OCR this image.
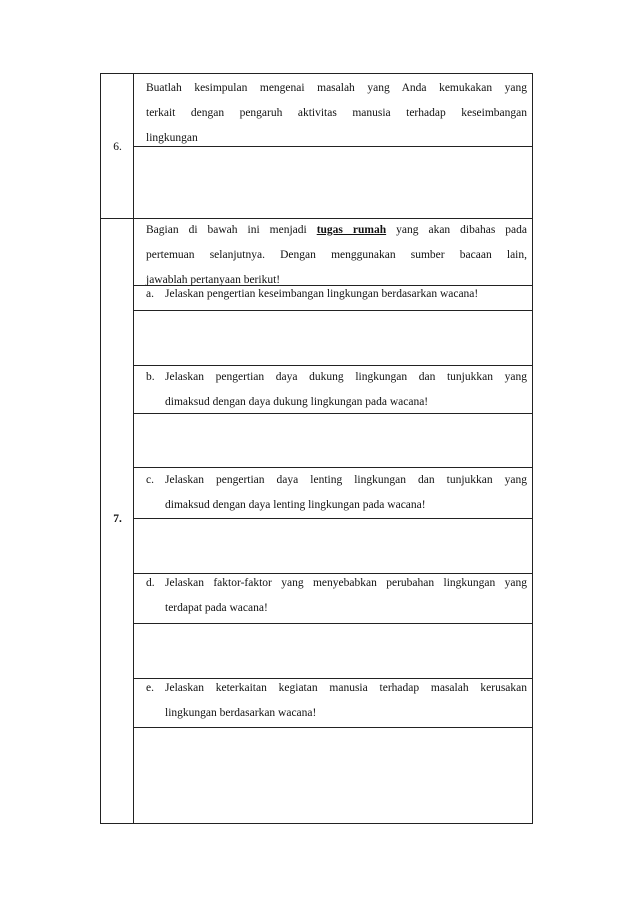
6.
Buatlah kesimpulan mengenai masalah yang Anda kemukakan yang
terkait dengan pengaruh aktivitas manusia terhadap keseimbangan
lingkungan
7.
Bagian di bawah ini menjadi tugas rumah yang akan dibahas pada
pertemuan selanjutnya. Dengan menggunakan sumber bacaan lain,
jawablah pertanyaan berikut!
a. Jelaskan pengertian keseimbangan lingkungan berdasarkan wacana!
b. Jelaskan pengertian daya dukung lingkungan dan tunjukkan yang
dimaksud dengan daya dukung lingkungan pada wacana!
c. Jelaskan pengertian daya lenting lingkungan dan tunjukkan yang
dimaksud dengan daya lenting lingkungan pada wacana!
d. Jelaskan faktor-faktor yang menyebabkan perubahan lingkungan yang
terdapat pada wacana!
e. Jelaskan keterkaitan kegiatan manusia terhadap masalah kerusakan
lingkungan berdasarkan wacana!
